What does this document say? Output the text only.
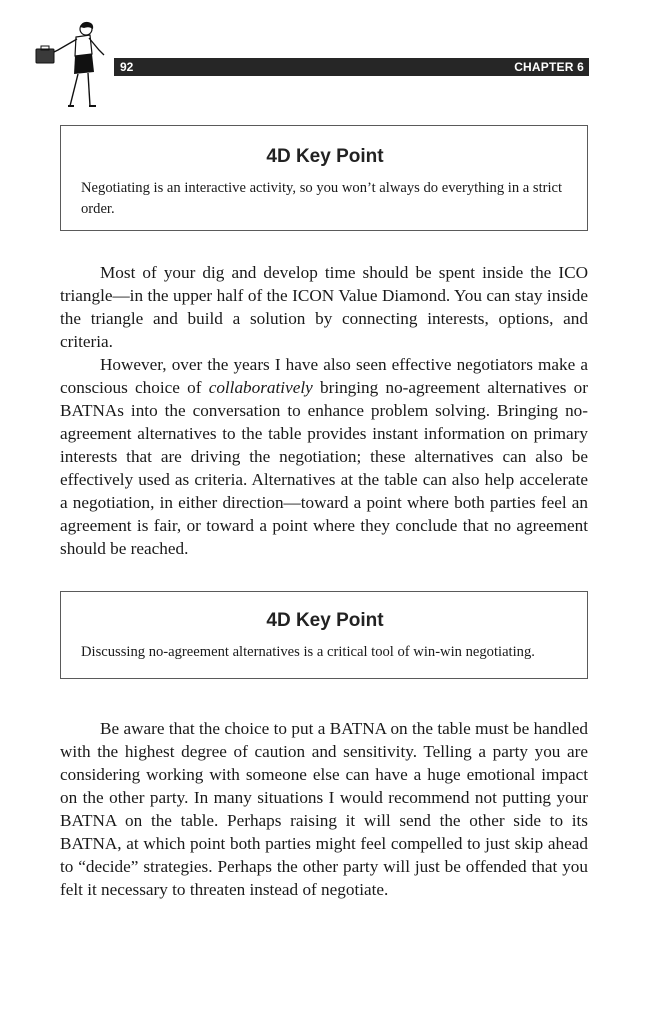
92	CHAPTER 6
4D Key Point

Negotiating is an interactive activity, so you won’t always do everything in a strict order.

Most of your dig and develop time should be spent inside the ICO triangle—in the upper half of the ICON Value Diamond. You can stay inside the triangle and build a solution by connecting interests, options, and criteria.

However, over the years I have also seen effective negotiators make a conscious choice of collaboratively bringing no-agreement alternatives or BATNAs into the conversation to enhance problem solving. Bringing no-agreement alternatives to the table provides instant information on primary interests that are driving the negotiation; these alternatives can also be effectively used as criteria. Alternatives at the table can also help accelerate a negotiation, in either direction—toward a point where both parties feel an agreement is fair, or toward a point where they conclude that no agreement should be reached.

4D Key Point

Discussing no-agreement alternatives is a critical tool of win-win negotiating.

Be aware that the choice to put a BATNA on the table must be handled with the highest degree of caution and sensitivity. Telling a party you are considering working with someone else can have a huge emotional impact on the other party. In many situations I would recommend not putting your BATNA on the table. Perhaps raising it will send the other side to its BATNA, at which point both parties might feel compelled to just skip ahead to “decide” strategies. Perhaps the other party will just be offended that you felt it necessary to threaten instead of negotiate.
